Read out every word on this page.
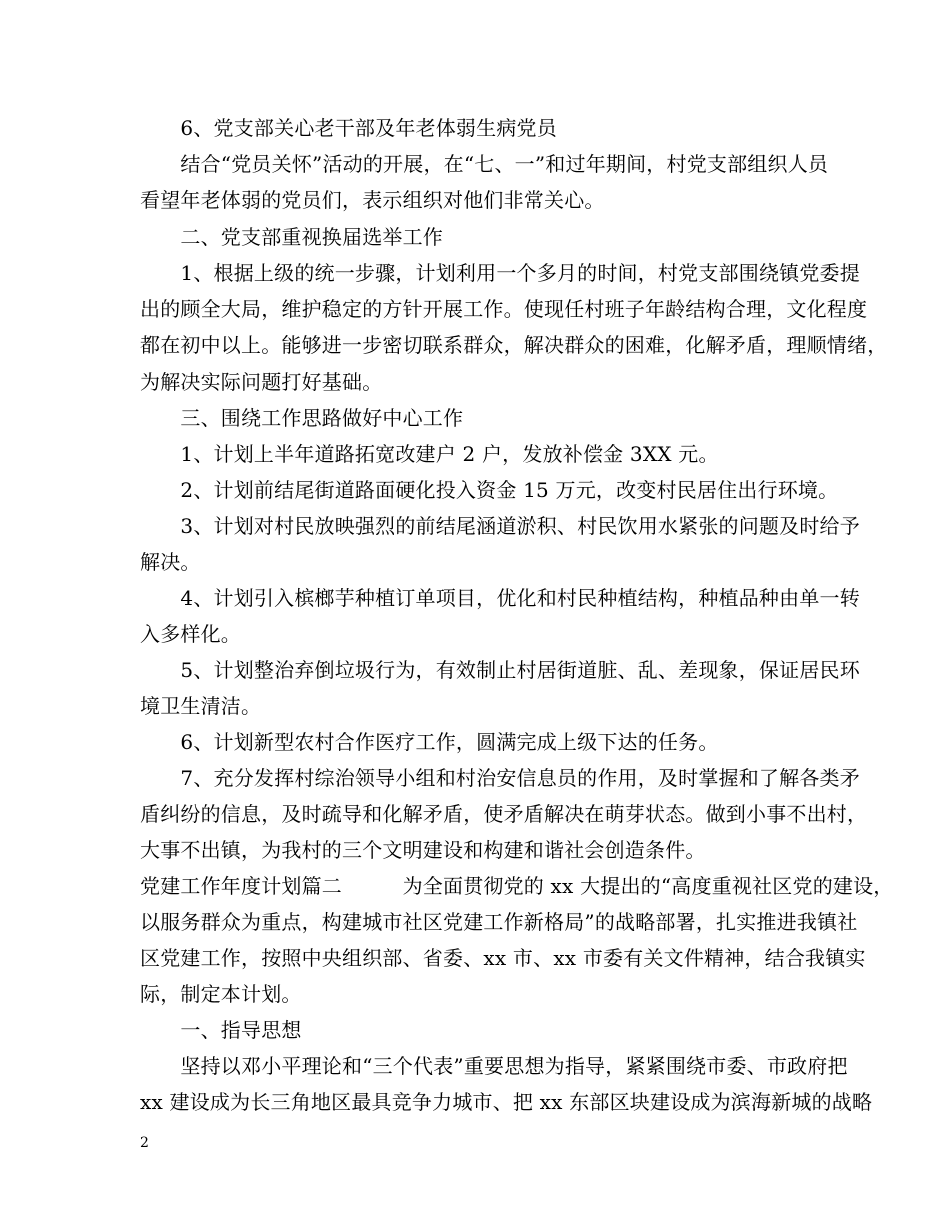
　　6、党支部关心老干部及年老体弱生病党员
　　结合“党员关怀”活动的开展，在“七、一”和过年期间，村党支部组织人员
看望年老体弱的党员们，表示组织对他们非常关心。
　　二、党支部重视换届选举工作
　　1、根据上级的统一步骤，计划利用一个多月的时间，村党支部围绕镇党委提
出的顾全大局，维护稳定的方针开展工作。使现任村班子年龄结构合理，文化程度
都在初中以上。能够进一步密切联系群众，解决群众的困难，化解矛盾，理顺情绪，
为解决实际问题打好基础。
　　三、围绕工作思路做好中心工作
　　1、计划上半年道路拓宽改建户 2 户，发放补偿金 3XX 元。
　　2、计划前结尾街道路面硬化投入资金 15 万元，改变村民居住出行环境。
　　3、计划对村民放映强烈的前结尾涵道淤积、村民饮用水紧张的问题及时给予
解决。
　　4、计划引入槟榔芋种植订单项目，优化和村民种植结构，种植品种由单一转
入多样化。
　　5、计划整治弃倒垃圾行为，有效制止村居街道脏、乱、差现象，保证居民环
境卫生清洁。
　　6、计划新型农村合作医疗工作，圆满完成上级下达的任务。
　　7、充分发挥村综治领导小组和村治安信息员的作用，及时掌握和了解各类矛
盾纠纷的信息，及时疏导和化解矛盾，使矛盾解决在萌芽状态。做到小事不出村，
大事不出镇，为我村的三个文明建设和构建和谐社会创造条件。
党建工作年度计划篇二　　　为全面贯彻党的 xx 大提出的“高度重视社区党的建设，
以服务群众为重点，构建城市社区党建工作新格局”的战略部署，扎实推进我镇社
区党建工作，按照中央组织部、省委、xx 市、xx 市委有关文件精神，结合我镇实
际，制定本计划。
　　一、指导思想
　　坚持以邓小平理论和“三个代表”重要思想为指导，紧紧围绕市委、市政府把
xx 建设成为长三角地区最具竞争力城市、把 xx 东部区块建设成为滨海新城的战略
2
